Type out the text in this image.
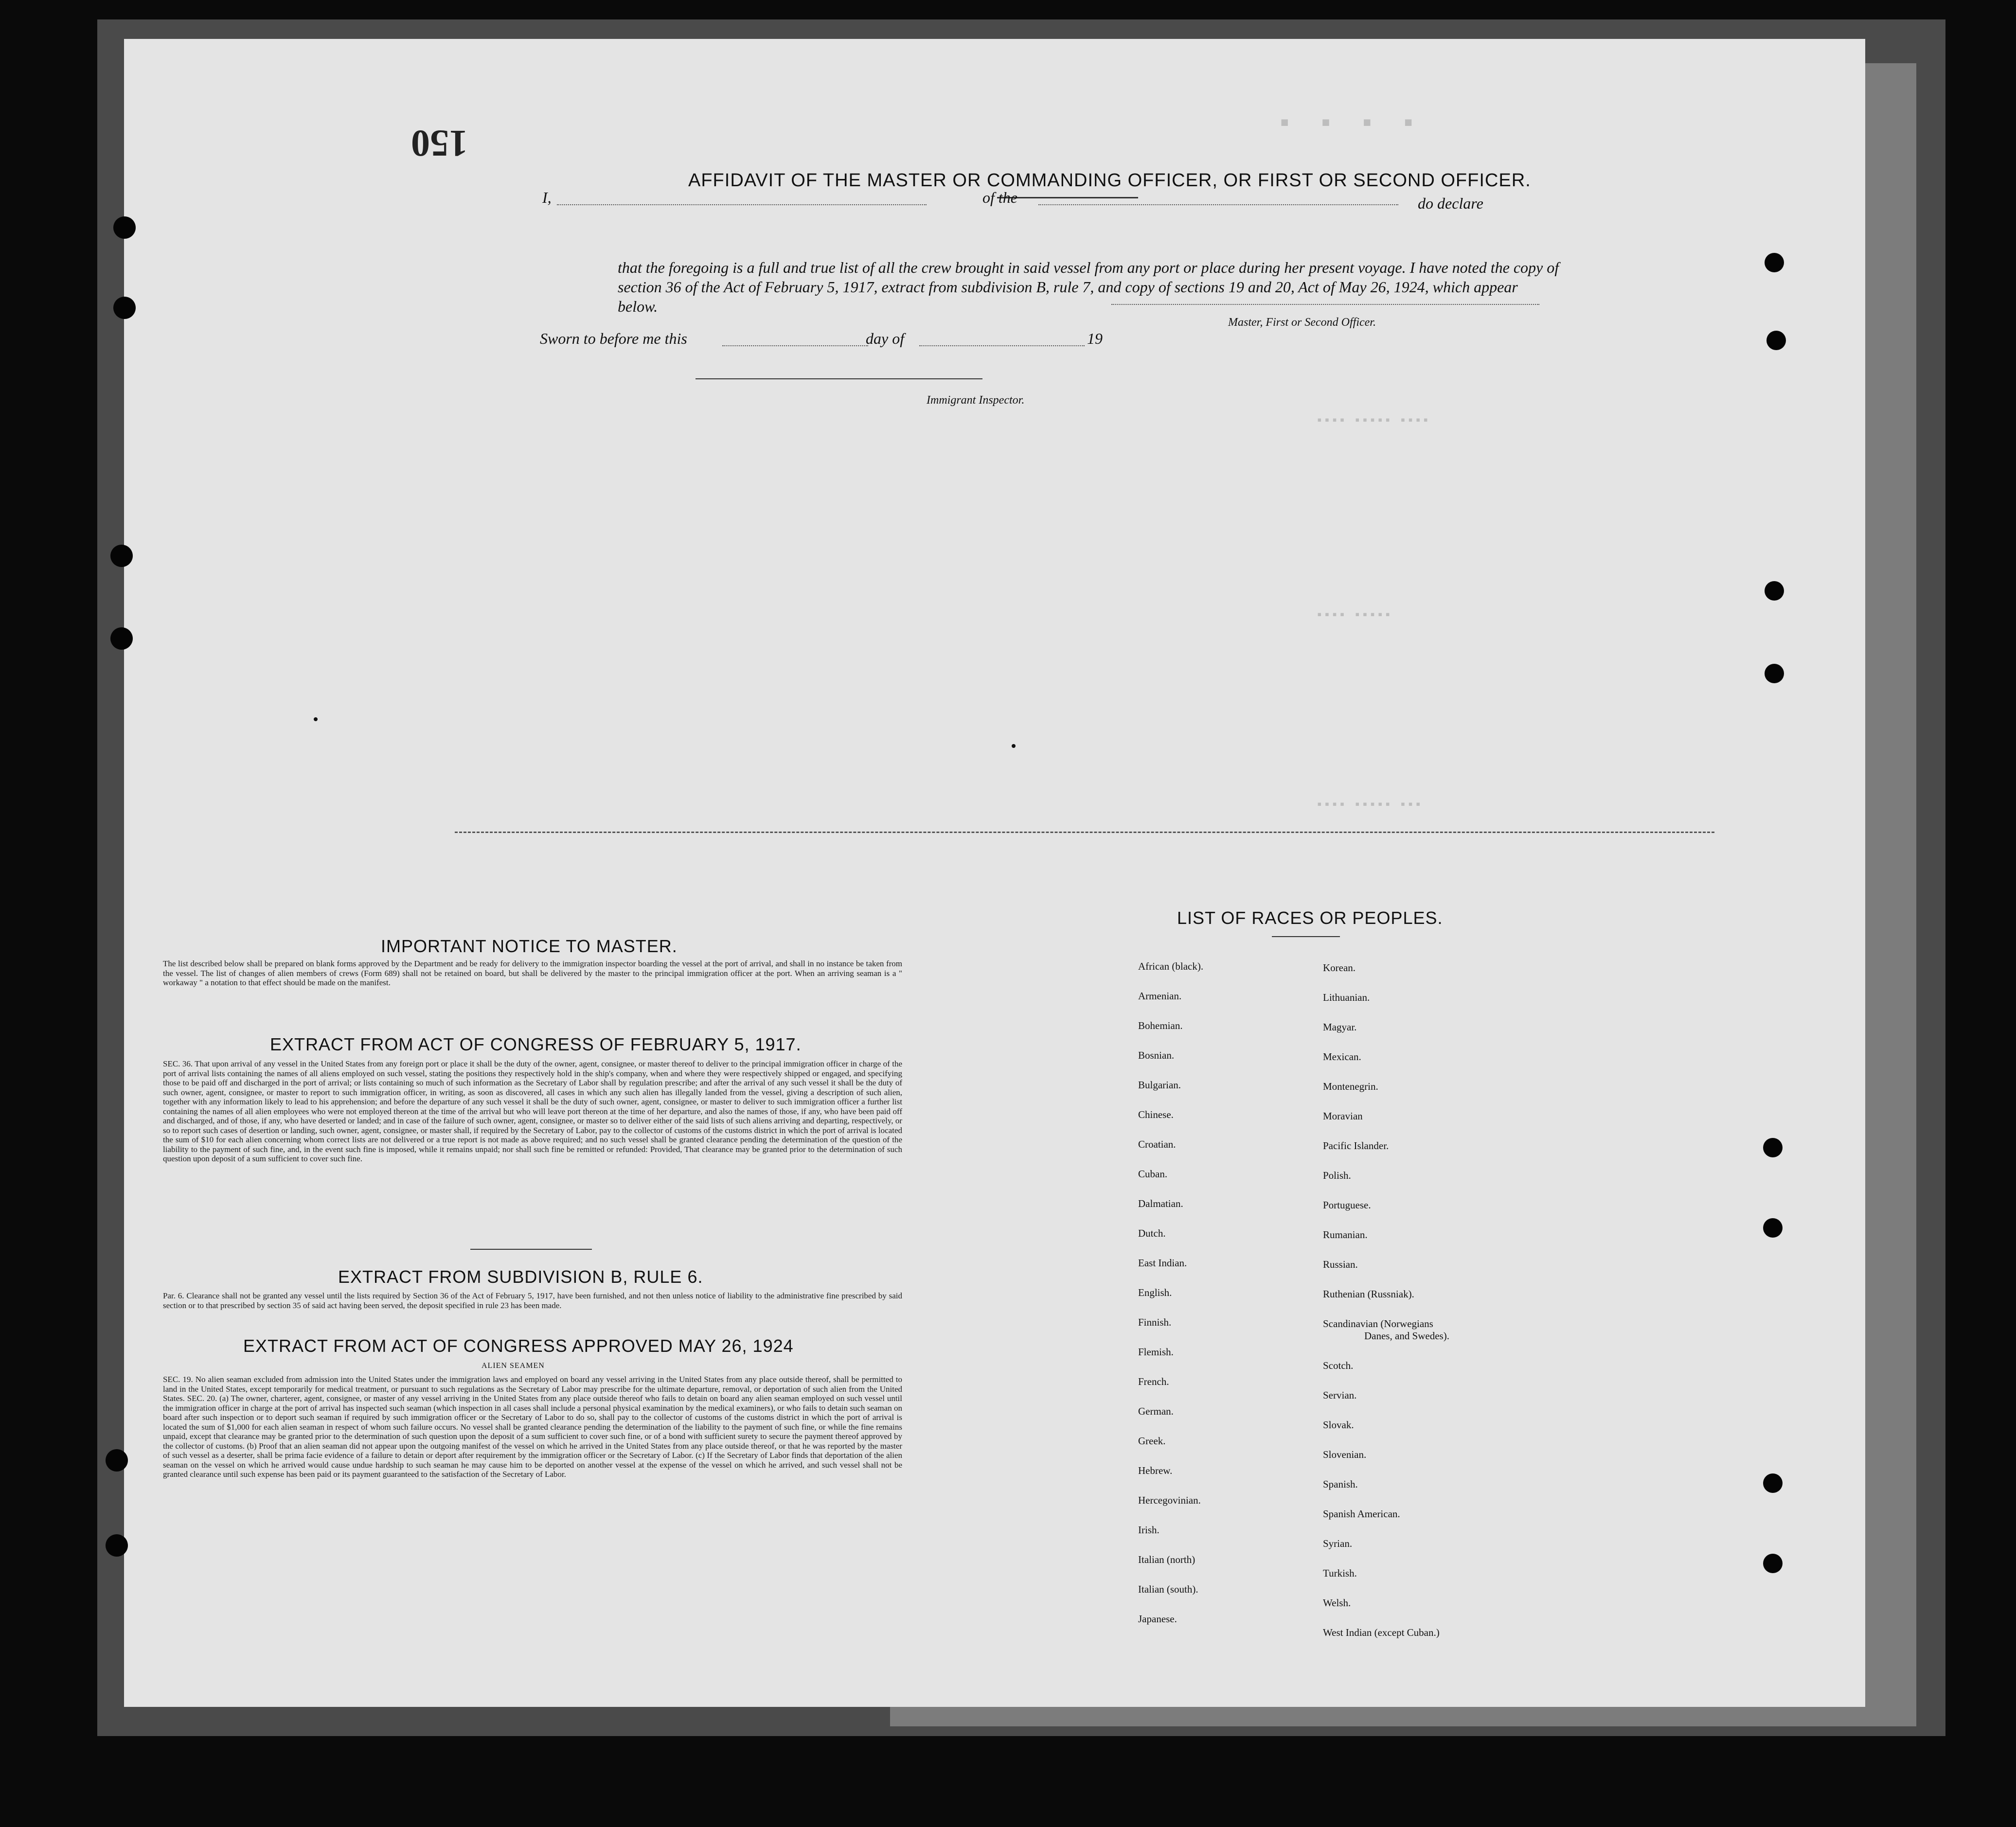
▪ ▪ ▪ ▪
▪▪▪▪ ▪▪▪▪▪ ▪▪▪▪
▪▪▪▪ ▪▪▪▪▪
▪▪▪▪ ▪▪▪▪▪ ▪▪▪
150
AFFIDAVIT OF THE MASTER OR COMMANDING OFFICER, OR FIRST OR SECOND OFFICER.
I,	of the	do declare
that the foregoing is a full and true list of all the crew brought in said vessel from any port or place during her present voyage. I have noted the copy of section 36 of the Act of February 5, 1917, extract from subdivision B, rule 7, and copy of sections 19 and 20, Act of May 26, 1924, which appear below.
Master, First or Second Officer.
Sworn to before me this	day of	19
Immigrant Inspector.
IMPORTANT NOTICE TO MASTER.
The list described below shall be prepared on blank forms approved by the Department and be ready for delivery to the immigration inspector boarding the vessel at the port of arrival, and shall in no instance be taken from the vessel. The list of changes of alien members of crews (Form 689) shall not be retained on board, but shall be delivered by the master to the principal immigration officer at the port. When an arriving seaman is a " workaway " a notation to that effect should be made on the manifest.
EXTRACT FROM ACT OF CONGRESS OF FEBRUARY 5, 1917.
SEC. 36. That upon arrival of any vessel in the United States from any foreign port or place it shall be the duty of the owner, agent, consignee, or master thereof to deliver to the principal immigration officer in charge of the port of arrival lists containing the names of all aliens employed on such vessel, stating the positions they respectively hold in the ship's company, when and where they were respectively shipped or engaged, and specifying those to be paid off and discharged in the port of arrival; or lists containing so much of such information as the Secretary of Labor shall by regulation prescribe; and after the arrival of any such vessel it shall be the duty of such owner, agent, consignee, or master to report to such immigration officer, in writing, as soon as discovered, all cases in which any such alien has illegally landed from the vessel, giving a description of such alien, together with any information likely to lead to his apprehension; and before the departure of any such vessel it shall be the duty of such owner, agent, consignee, or master to deliver to such immigration officer a further list containing the names of all alien employees who were not employed thereon at the time of the arrival but who will leave port thereon at the time of her departure, and also the names of those, if any, who have been paid off and discharged, and of those, if any, who have deserted or landed; and in case of the failure of such owner, agent, consignee, or master so to deliver either of the said lists of such aliens arriving and departing, respectively, or so to report such cases of desertion or landing, such owner, agent, consignee, or master shall, if required by the Secretary of Labor, pay to the collector of customs of the customs district in which the port of arrival is located the sum of $10 for each alien concerning whom correct lists are not delivered or a true report is not made as above required; and no such vessel shall be granted clearance pending the determination of the question of the liability to the payment of such fine, and, in the event such fine is imposed, while it remains unpaid; nor shall such fine be remitted or refunded: Provided, That clearance may be granted prior to the determination of such question upon deposit of a sum sufficient to cover such fine.
EXTRACT FROM SUBDIVISION B, RULE 6.
Par. 6. Clearance shall not be granted any vessel until the lists required by Section 36 of the Act of February 5, 1917, have been furnished, and not then unless notice of liability to the administrative fine prescribed by said section or to that prescribed by section 35 of said act having been served, the deposit specified in rule 23 has been made.
EXTRACT FROM ACT OF CONGRESS APPROVED MAY 26, 1924
ALIEN SEAMEN
SEC. 19. No alien seaman excluded from admission into the United States under the immigration laws and employed on board any vessel arriving in the United States from any place outside thereof, shall be permitted to land in the United States, except temporarily for medical treatment, or pursuant to such regulations as the Secretary of Labor may prescribe for the ultimate departure, removal, or deportation of such alien from the United States. SEC. 20. (a) The owner, charterer, agent, consignee, or master of any vessel arriving in the United States from any place outside thereof who fails to detain on board any alien seaman employed on such vessel until the immigration officer in charge at the port of arrival has inspected such seaman (which inspection in all cases shall include a personal physical examination by the medical examiners), or who fails to detain such seaman on board after such inspection or to deport such seaman if required by such immigration officer or the Secretary of Labor to do so, shall pay to the collector of customs of the customs district in which the port of arrival is located the sum of $1,000 for each alien seaman in respect of whom such failure occurs. No vessel shall be granted clearance pending the determination of the liability to the payment of such fine, or while the fine remains unpaid, except that clearance may be granted prior to the determination of such question upon the deposit of a sum sufficient to cover such fine, or of a bond with sufficient surety to secure the payment thereof approved by the collector of customs. (b) Proof that an alien seaman did not appear upon the outgoing manifest of the vessel on which he arrived in the United States from any place outside thereof, or that he was reported by the master of such vessel as a deserter, shall be prima facie evidence of a failure to detain or deport after requirement by the immigration officer or the Secretary of Labor. (c) If the Secretary of Labor finds that deportation of the alien seaman on the vessel on which he arrived would cause undue hardship to such seaman he may cause him to be deported on another vessel at the expense of the vessel on which he arrived, and such vessel shall not be granted clearance until such expense has been paid or its payment guaranteed to the satisfaction of the Secretary of Labor.
LIST OF RACES OR PEOPLES.
African (black).
Armenian.
Bohemian.
Bosnian.
Bulgarian.
Chinese.
Croatian.
Cuban.
Dalmatian.
Dutch.
East Indian.
English.
Finnish.
Flemish.
French.
German.
Greek.
Hebrew.
Hercegovinian.
Irish.
Italian (north)
Italian (south).
Japanese.
Korean.
Lithuanian.
Magyar.
Mexican.
Montenegrin.
Moravian
Pacific Islander.
Polish.
Portuguese.
Rumanian.
Russian.
Ruthenian (Russniak).
Scandinavian (Norwegians
Danes, and Swedes).
Scotch.
Servian.
Slovak.
Slovenian.
Spanish.
Spanish American.
Syrian.
Turkish.
Welsh.
West Indian (except Cuban.)
